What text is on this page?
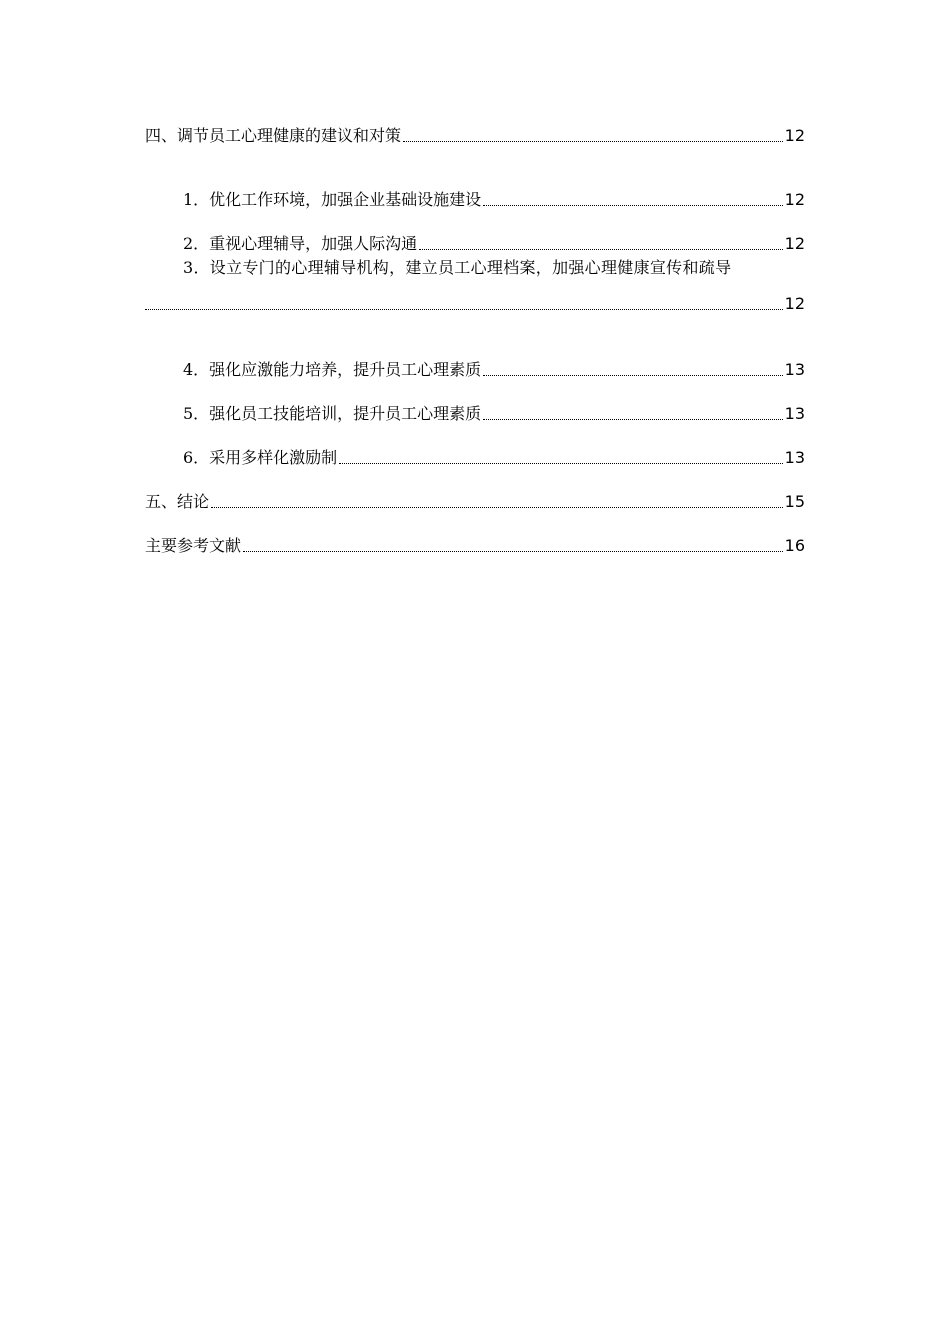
四、调节员工心理健康的建议和对策	12
1．优化工作环境，加强企业基础设施建设	12
2．重视心理辅导，加强人际沟通	12
3．设立专门的心理辅导机构，建立员工心理档案，加强心理健康宣传和疏导
12
4．强化应激能力培养，提升员工心理素质	13
5．强化员工技能培训，提升员工心理素质	13
6．采用多样化激励制	13
五、结论	15
主要参考文献	16
